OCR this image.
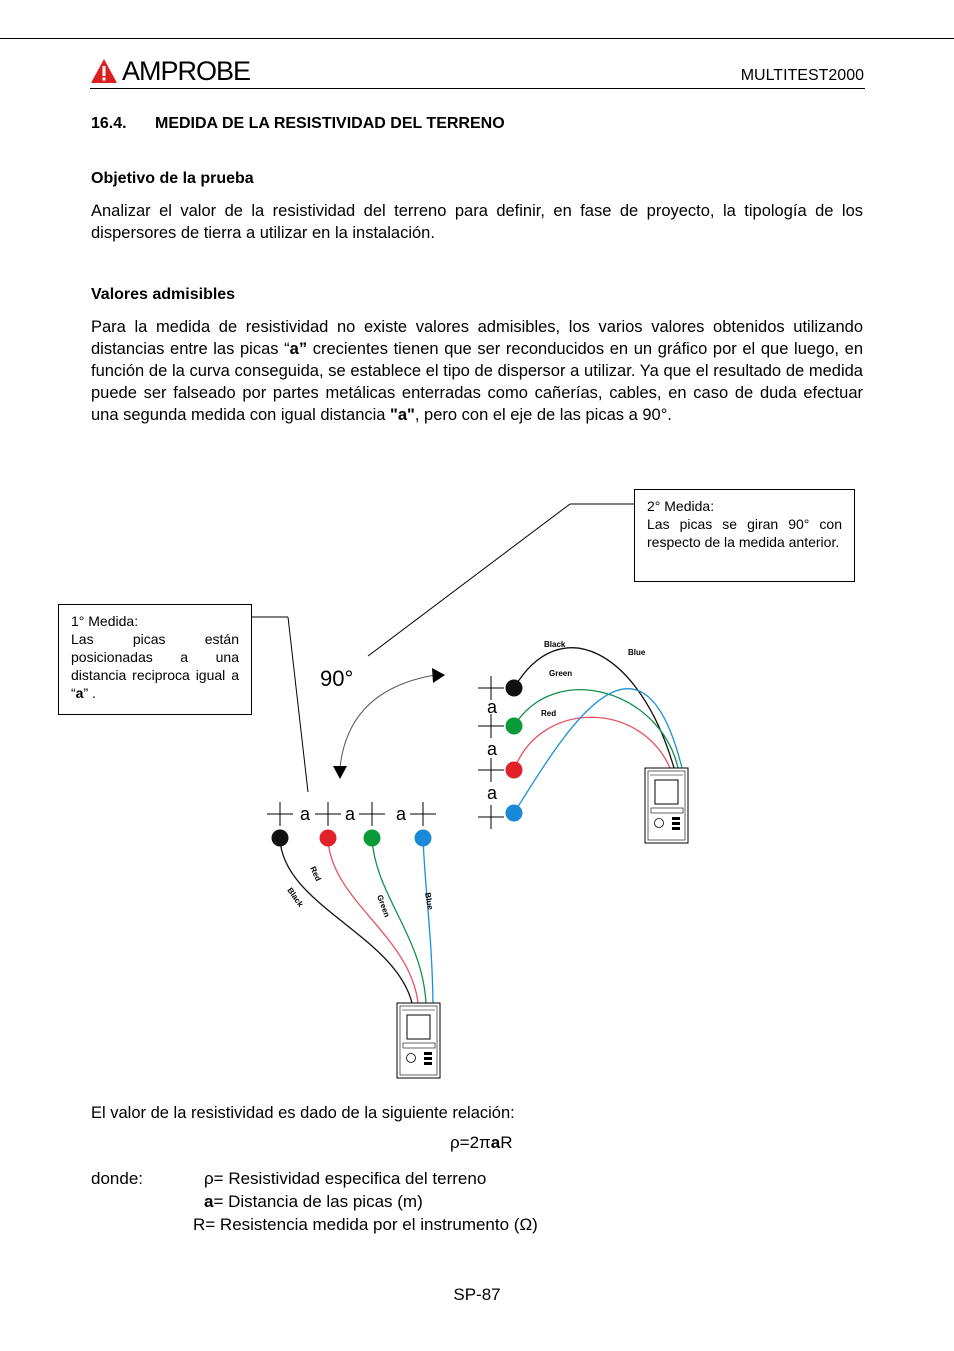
AMPROBE	MULTITEST2000
16.4. MEDIDA DE LA RESISTIVIDAD DEL TERRENO
Objetivo de la prueba

Analizar el valor de la resistividad del terreno para definir, en fase de proyecto, la tipología de los dispersores de tierra a utilizar en la instalación.

Valores admisibles

Para la medida de resistividad no existe valores admisibles, los varios valores obtenidos utilizando distancias entre las picas “a” crecientes tienen que ser reconducidos en un gráfico por el que luego, en función de la curva conseguida, se establece el tipo de dispersor a utilizar. Ya que el resultado de medida puede ser falseado por partes metálicas enterradas como cañerías, cables, en caso de duda efectuar una segunda medida con igual distancia "a", pero con el eje de las picas a 90°.

90°
a a a
Black
Red
Green	Blue
a
a
a
Black
Green
Red
Blue
1° Medida:
Las picas están posicionadas a una distancia reciproca igual a “a” .
2° Medida:
Las picas se giran 90° con respecto de la medida anterior.

El valor de la resistividad es dado de la siguiente relación:

ρ=2πaR
donde:	ρ= Resistividad especifica del terreno
a= Distancia de las picas (m)
R= Resistencia medida por el instrumento (Ω)
SP-87
